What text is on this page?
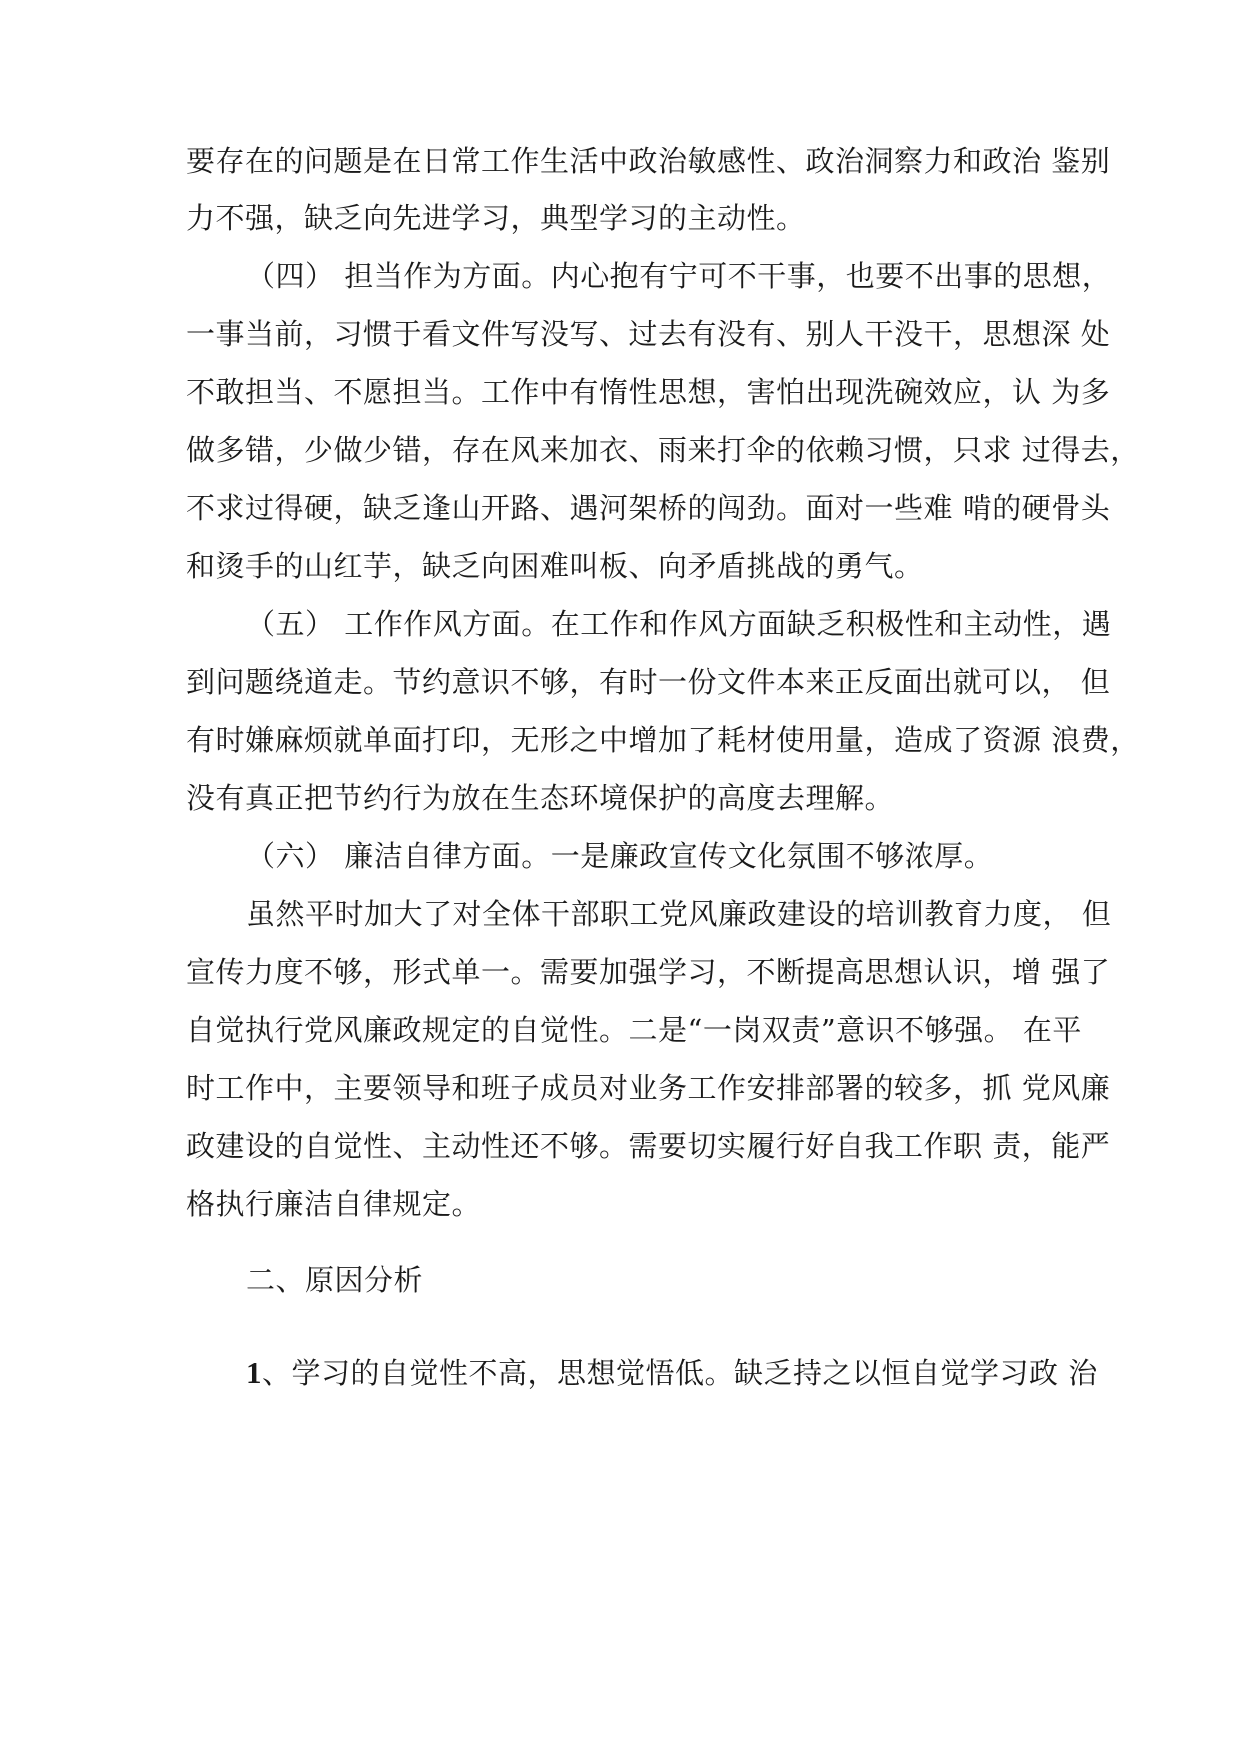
要存在的问题是在日常工作生活中政治敏感性、政治洞察力和政治 鉴别
力不强，缺乏向先进学习，典型学习的主动性。
（四） 担当作为方面。内心抱有宁可不干事，也要不出事的思想，
一事当前，习惯于看文件写没写、过去有没有、别人干没干，思想深 处
不敢担当、不愿担当。工作中有惰性思想，害怕出现洗碗效应，认 为多
做多错，少做少错，存在风来加衣、雨来打伞的依赖习惯，只求 过得去，
不求过得硬，缺乏逢山开路、遇河架桥的闯劲。面对一些难 啃的硬骨头
和烫手的山红芋，缺乏向困难叫板、向矛盾挑战的勇气。
（五） 工作作风方面。在工作和作风方面缺乏积极性和主动性，遇
到问题绕道走。节约意识不够，有时一份文件本来正反面出就可以， 但
有时嫌麻烦就单面打印，无形之中增加了耗材使用量，造成了资源 浪费，
没有真正把节约行为放在生态环境保护的高度去理解。
（六） 廉洁自律方面。一是廉政宣传文化氛围不够浓厚。
虽然平时加大了对全体干部职工党风廉政建设的培训教育力度， 但
宣传力度不够，形式单一。需要加强学习，不断提高思想认识，增 强了
自觉执行党风廉政规定的自觉性。二是“一岗双责”意识不够强。 在平
时工作中，主要领导和班子成员对业务工作安排部署的较多，抓 党风廉
政建设的自觉性、主动性还不够。需要切实履行好自我工作职 责，能严
格执行廉洁自律规定。
二、原因分析
1、学习的自觉性不高，思想觉悟低。缺乏持之以恒自觉学习政 治
